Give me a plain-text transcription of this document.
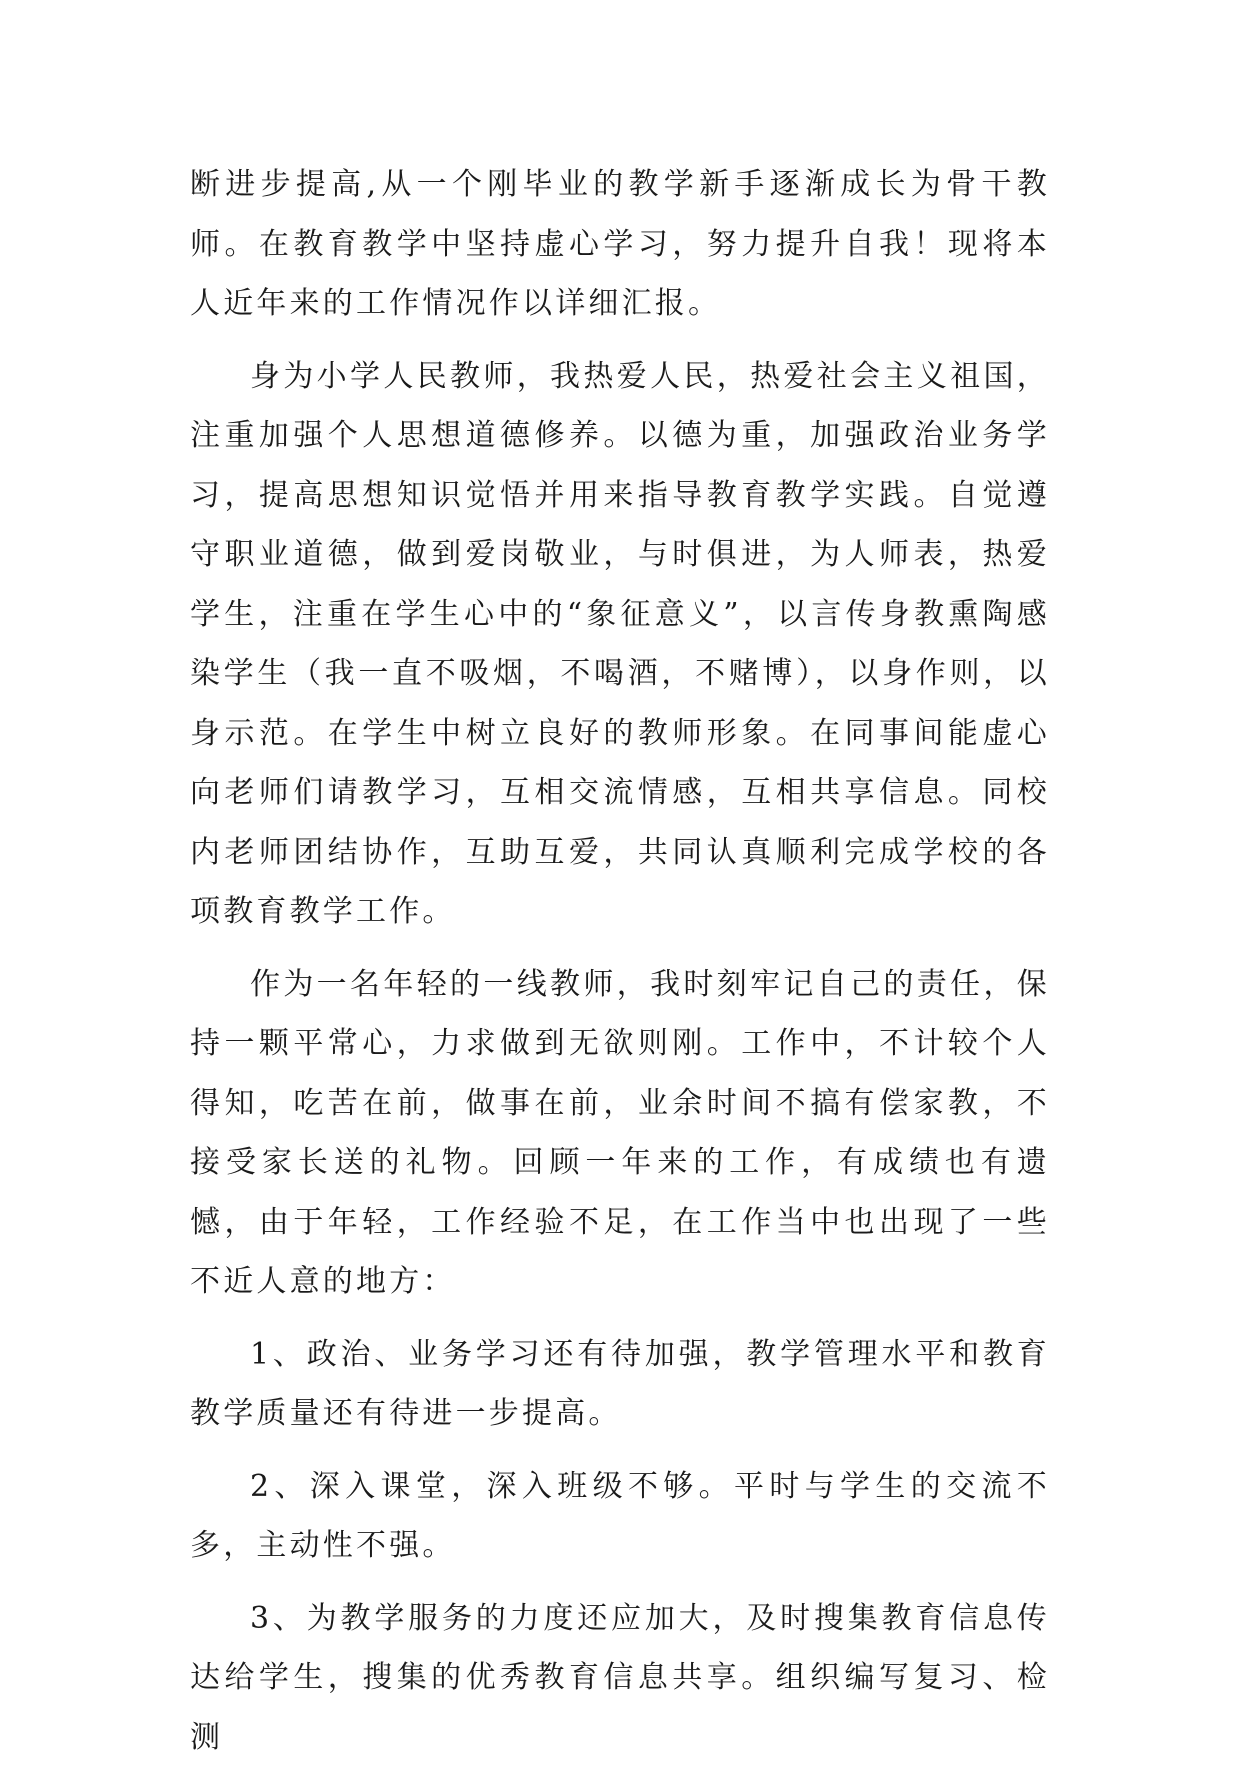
断进步提高,从一个刚毕业的教学新手逐渐成长为骨干教师。在教育教学中坚持虚心学习，努力提升自我！现将本人近年来的工作情况作以详细汇报。

身为小学人民教师，我热爱人民，热爱社会主义祖国，注重加强个人思想道德修养。以德为重，加强政治业务学习，提高思想知识觉悟并用来指导教育教学实践。自觉遵守职业道德，做到爱岗敬业，与时俱进，为人师表，热爱学生，注重在学生心中的“象征意义”，以言传身教熏陶感染学生（我一直不吸烟，不喝酒，不赌博），以身作则，以身示范。在学生中树立良好的教师形象。在同事间能虚心向老师们请教学习，互相交流情感，互相共享信息。同校内老师团结协作，互助互爱，共同认真顺利完成学校的各项教育教学工作。

作为一名年轻的一线教师，我时刻牢记自己的责任，保持一颗平常心，力求做到无欲则刚。工作中，不计较个人得知，吃苦在前，做事在前，业余时间不搞有偿家教，不接受家长送的礼物。回顾一年来的工作，有成绩也有遗憾，由于年轻，工作经验不足，在工作当中也出现了一些不近人意的地方：

1、政治、业务学习还有待加强，教学管理水平和教育教学质量还有待进一步提高。

2、深入课堂，深入班级不够。平时与学生的交流不多，主动性不强。

3、为教学服务的力度还应加大，及时搜集教育信息传达给学生，搜集的优秀教育信息共享。组织编写复习、检测
